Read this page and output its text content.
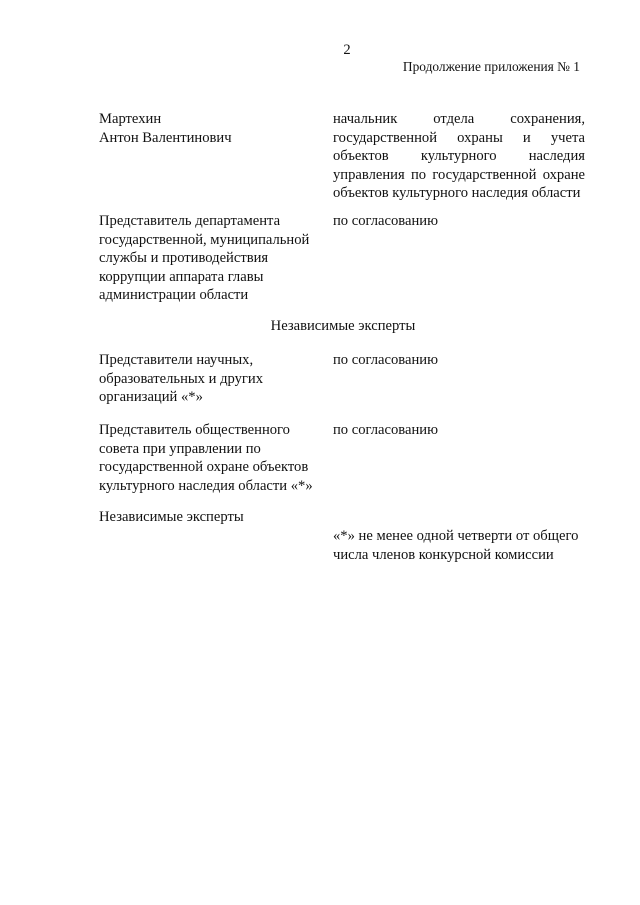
2
Продолжение приложения № 1
Мартехин
Антон Валентинович
начальник отдела сохранения,
государственной охраны и учета
объектов культурного наследия
управления по государственной охране
объектов культурного наследия области
Представитель департамента
государственной, муниципальной
службы и противодействия
коррупции аппарата главы
администрации области
по согласованию
Независимые эксперты
Представители научных,
образовательных и других
организаций «*»
по согласованию
Представитель общественного
совета при управлении по
государственной охране объектов
культурного наследия области «*»
по согласованию
Независимые эксперты
«*» не менее одной четверти от общего
числа членов конкурсной комиссии
